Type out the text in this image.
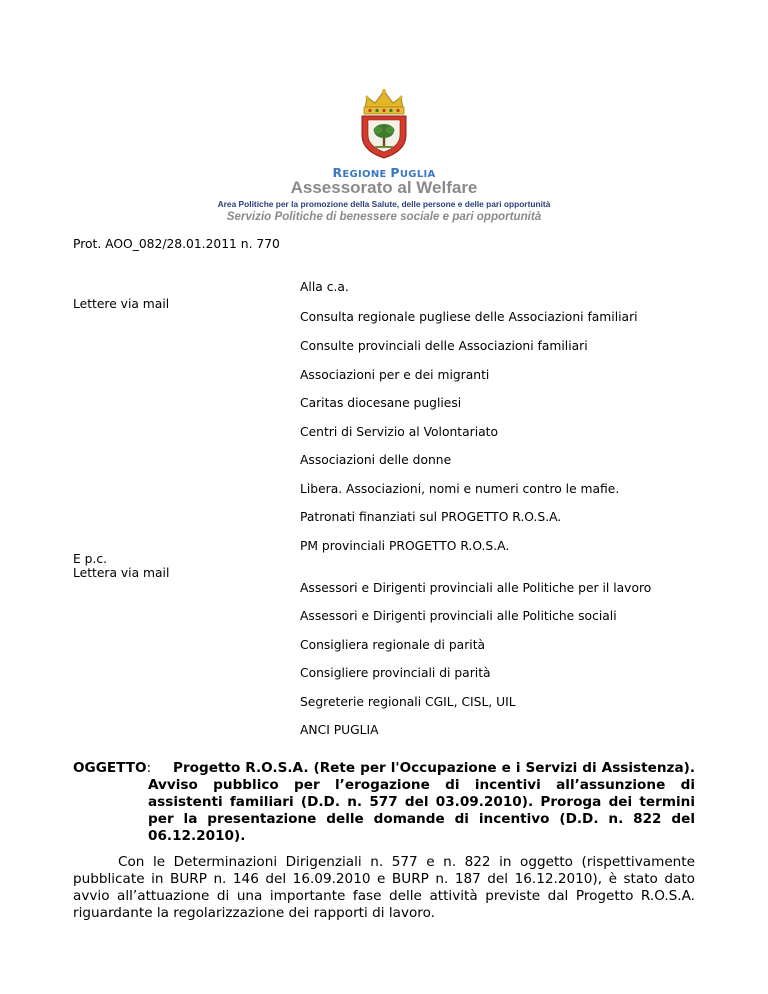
REGIONE PUGLIA
Assessorato al Welfare
Area Politiche per la promozione della Salute, delle persone e delle pari opportunità
Servizio Politiche di benessere sociale e pari opportunità
Prot. AOO_082/28.01.2011 n. 770
Alla c.a.
Lettere via mail
Consulta regionale pugliese delle Associazioni familiari
Consulte provinciali delle Associazioni familiari
Associazioni per e dei migranti
Caritas diocesane pugliesi
Centri di Servizio al Volontariato
Associazioni delle donne
Libera. Associazioni, nomi e numeri contro le mafie.
Patronati finanziati sul PROGETTO R.O.S.A.
PM provinciali PROGETTO R.O.S.A.
E p.c.
Lettera via mail
Assessori e Dirigenti provinciali alle Politiche per il lavoro
Assessori e Dirigenti provinciali alle Politiche sociali
Consigliera regionale di parità
Consigliere provinciali di parità
Segreterie regionali CGIL, CISL, UIL
ANCI PUGLIA
OGGETTO:	Progetto R.O.S.A. (Rete per l'Occupazione e i Servizi di Assistenza). Avviso pubblico per l’erogazione di incentivi all’assunzione di assistenti familiari (D.D. n. 577 del 03.09.2010). Proroga dei termini per la presentazione delle domande di incentivo (D.D. n. 822 del 06.12.2010).
Con le Determinazioni Dirigenziali n. 577 e n. 822 in oggetto (rispettivamente pubblicate in BURP n. 146 del 16.09.2010 e BURP n. 187 del 16.12.2010), è stato dato avvio all’attuazione di una importante fase delle attività previste dal Progetto R.O.S.A. riguardante la regolarizzazione dei rapporti di lavoro.
